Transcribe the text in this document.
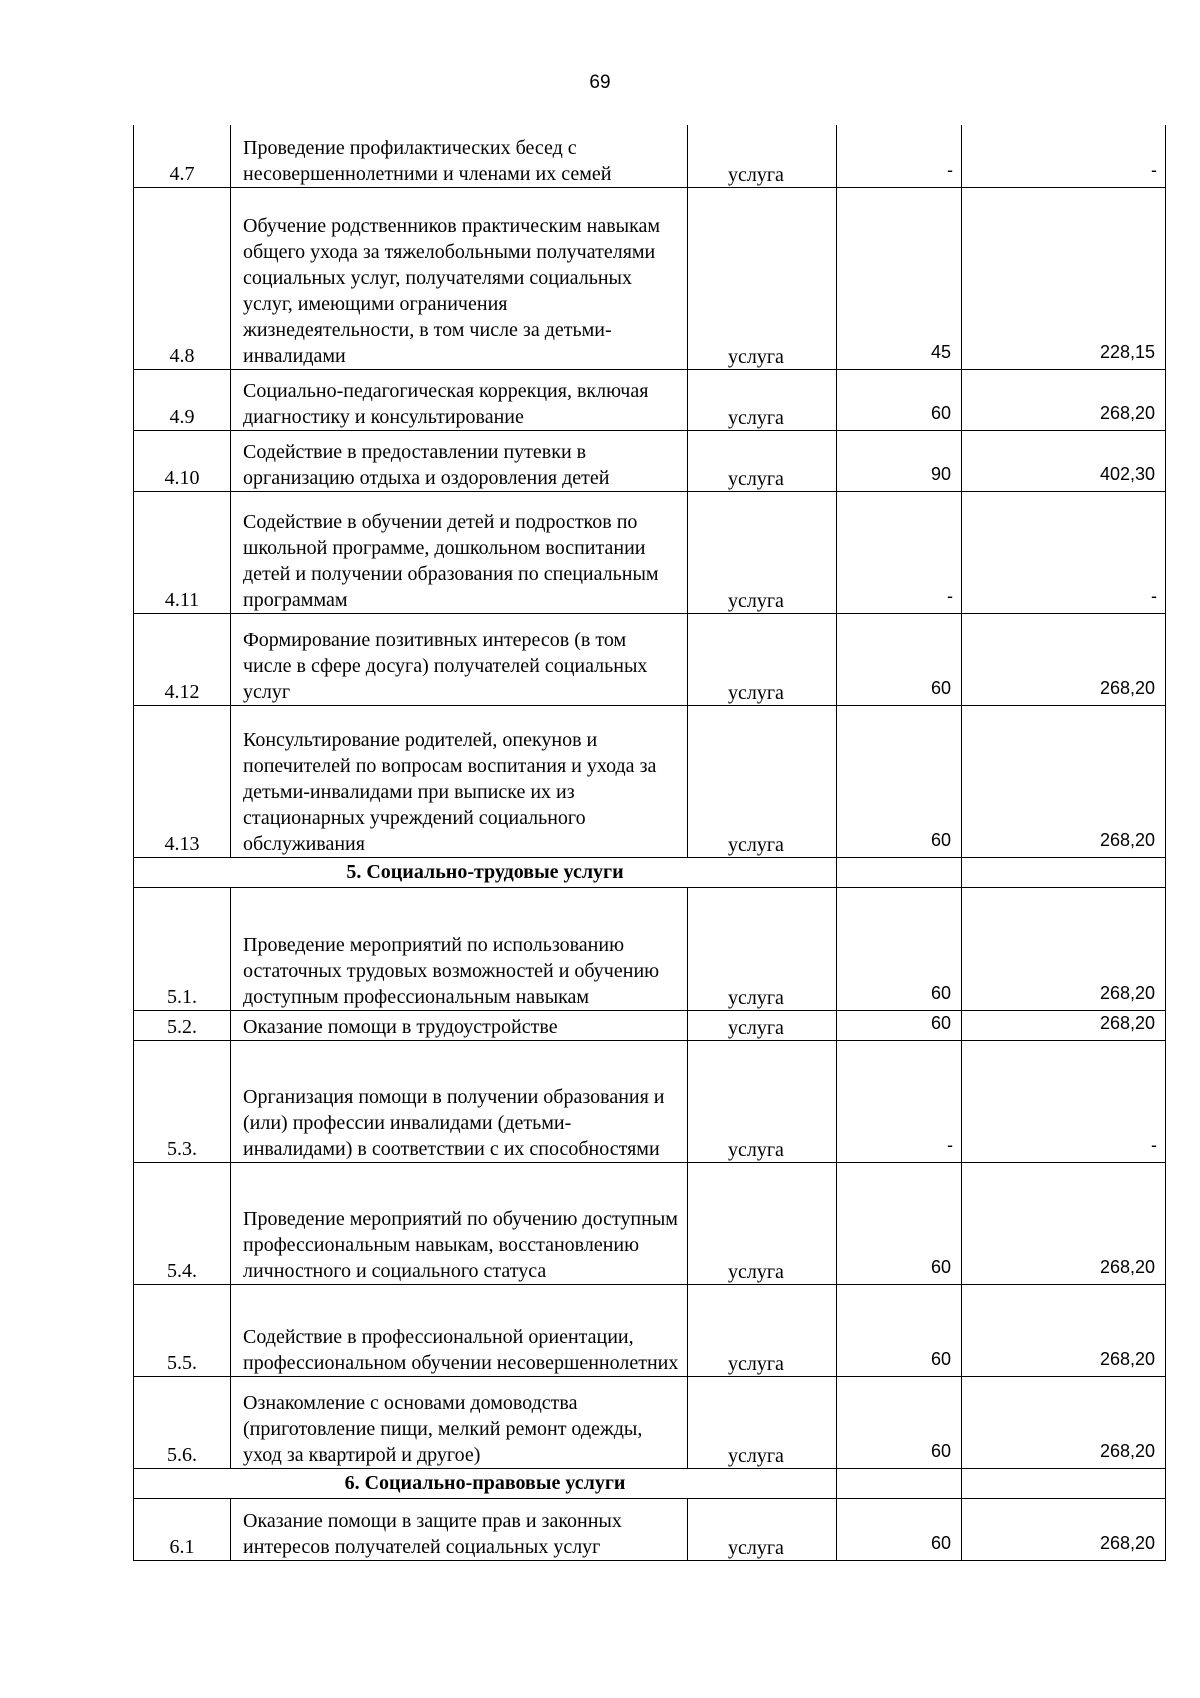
69
4.7	Проведение профилактических бесед с несовершеннолетними и членами их семей	услуга	-	-
4.8	Обучение родственников практическим навыкам общего ухода за тяжелобольными получателями социальных услуг, получателями социальных услуг, имеющими ограничения жизнедеятельности, в том числе за детьми-инвалидами	услуга	45	228,15
4.9	Социально-педагогическая коррекция, включая диагностику и консультирование	услуга	60	268,20
4.10	Содействие в предоставлении путевки в организацию отдыха и оздоровления детей	услуга	90	402,30
4.11	Содействие в обучении детей и подростков по школьной программе, дошкольном воспитании детей и получении образования по специальным программам	услуга	-	-
4.12	Формирование позитивных интересов (в том числе в сфере досуга) получателей социальных услуг	услуга	60	268,20
4.13	Консультирование родителей, опекунов и попечителей по вопросам воспитания и ухода за детьми-инвалидами при выписке их из стационарных учреждений социального обслуживания	услуга	60	268,20
5. Социально-трудовые услуги				
5.1.	Проведение мероприятий по использованию остаточных трудовых возможностей и обучению доступным профессиональным навыкам	услуга	60	268,20
5.2.	Оказание помощи в трудоустройстве	услуга	60	268,20
5.3.	Организация помощи в получении образования и (или) профессии инвалидами (детьми-инвалидами) в соответствии с их способностями	услуга	-	-
5.4.	Проведение мероприятий по обучению доступным профессиональным навыкам, восстановлению личностного и социального статуса	услуга	60	268,20
5.5.	Содействие в профессиональной ориентации, профессиональном обучении несовершеннолетних	услуга	60	268,20
5.6.	Ознакомление с основами домоводства (приготовление пищи, мелкий ремонт одежды, уход за квартирой и другое)	услуга	60	268,20
6. Социально-правовые услуги				
6.1	Оказание помощи в защите прав и законных интересов получателей социальных услуг	услуга	60	268,20
